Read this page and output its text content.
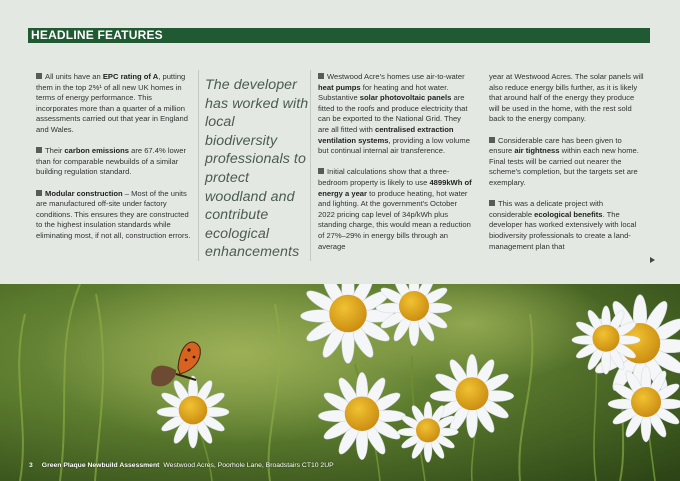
HEADLINE FEATURES

All units have an EPC rating of A, putting them in the top 2%¹ of all new UK homes in terms of energy performance. This incorporates more than a quarter of a million assessments carried out that year in England and Wales.

Their carbon emissions are 67.4% lower than for comparable newbuilds of a similar building regulation standard.

Modular construction – Most of the units are manufactured off-site under factory conditions. This ensures they are constructed to the highest insulation standards while eliminating most, if not all, construction errors.

The developer has worked with local biodiversity professionals to protect woodland and contribute ecological enhancements

Westwood Acre's homes use air-to-water heat pumps for heating and hot water. Substantive solar photovoltaic panels are fitted to the roofs and produce electricity that can be exported to the National Grid. They are all fitted with centralised extraction ventilation systems, providing a low volume but continual internal air transference.

Initial calculations show that a three-bedroom property is likely to use 4899kWh of energy a year to produce heating, hot water and lighting. At the government's October 2022 pricing cap level of 34p/kWh plus standing charge, this would mean a reduction of 27%–29% in energy bills through an average

year at Westwood Acres. The solar panels will also reduce energy bills further, as it is likely that around half of the energy they produce will be used in the home, with the rest sold back to the energy company.

Considerable care has been given to ensure air tightness within each new home. Final tests will be carried out nearer the scheme's completion, but the targets set are exemplary.

This was a delicate project with considerable ecological benefits. The developer has worked extensively with local biodiversity professionals to create a land-management plan that

3 Green Plaque Newbuild Assessment Westwood Acres, Poorhole Lane, Broadstairs CT10 2UP
